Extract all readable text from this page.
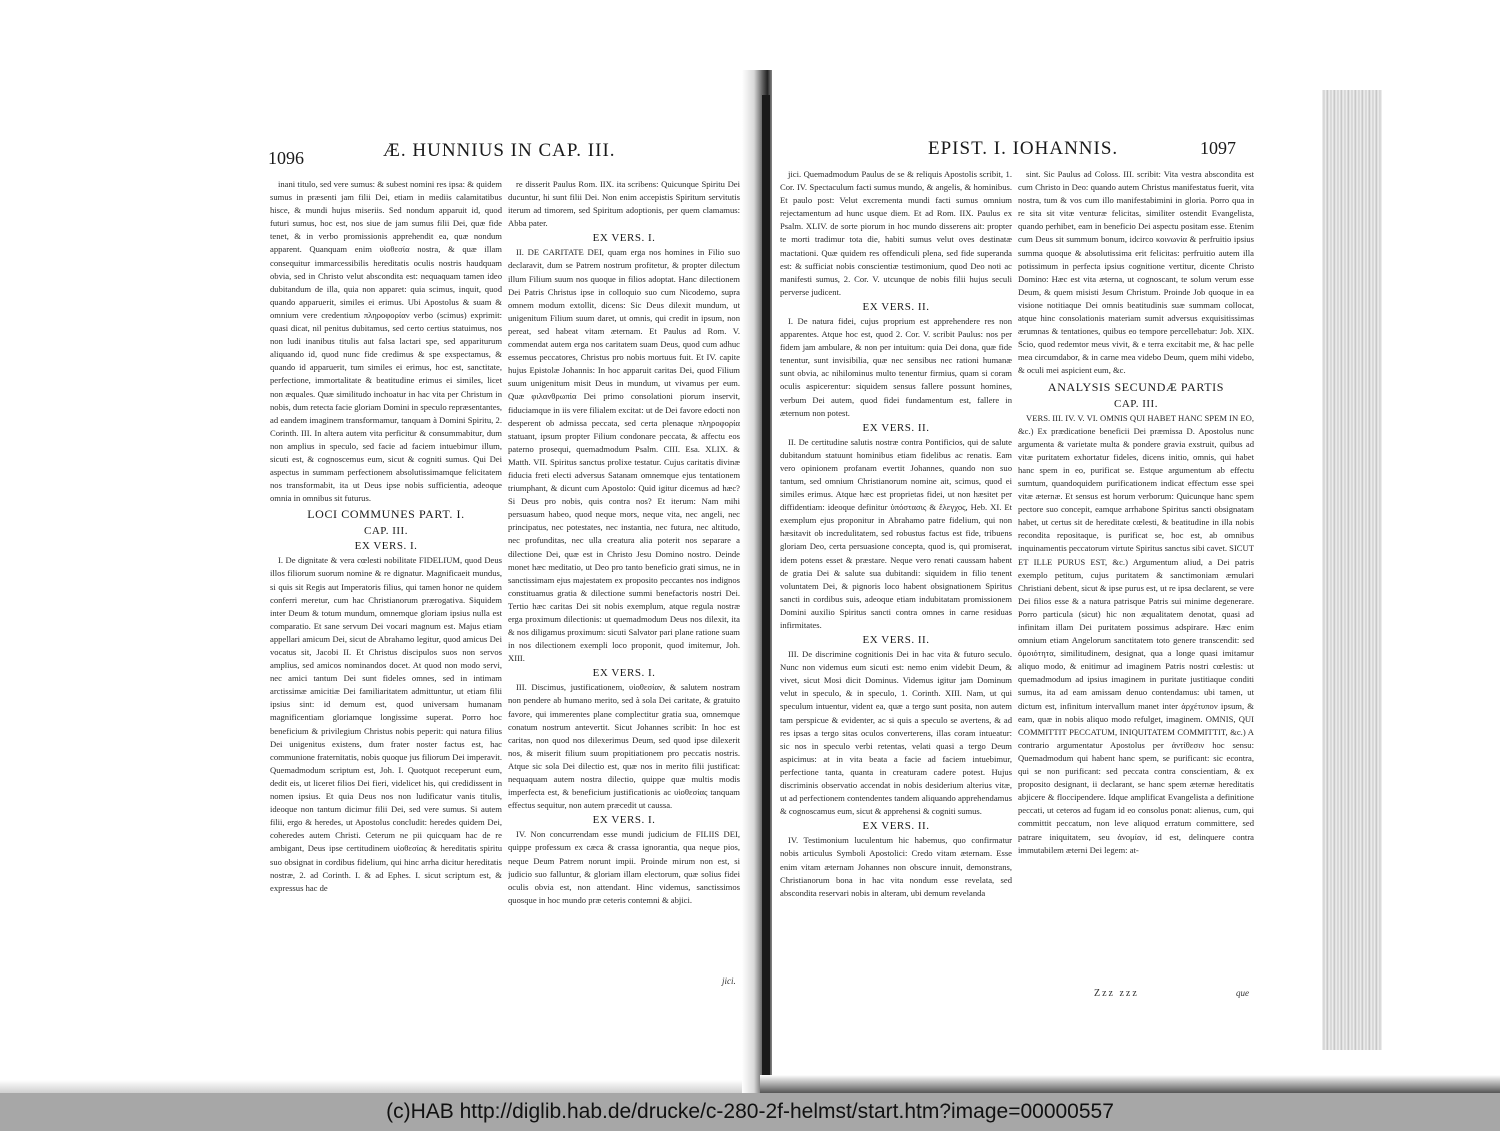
1096	Æ. HUNNIUS IN CAP. III.

inani titulo, sed vere sumus: & subest nomini res ipsa: & quidem sumus in præsenti jam filii Dei, etiam in mediis calamitatibus hisce, & mundi hujus miseriis. Sed nondum apparuit id, quod futuri sumus, hoc est, nos siue de jam sumus filii Dei, quæ fide tenet, & in verbo promissionis apprehendit ea, quæ nondum apparent. Quanquam enim υἱοθεσία nostra, & quæ illam consequitur immarcessibilis hereditatis oculis nostris haudquam obvia, sed in Christo velut abscondita est: nequaquam tamen ideo dubitandum de illa, quia non apparet: quia scimus, inquit, quod quando apparuerit, similes ei erimus. Ubi Apostolus & suam & omnium vere credentium πληροφορίαν verbo (scimus) exprimit: quasi dicat, nil penitus dubitamus, sed certo certius statuimus, nos non ludi inanibus titulis aut falsa lactari spe, sed appariturum aliquando id, quod nunc fide credimus & spe exspectamus, & quando id apparuerit, tum similes ei erimus, hoc est, sanctitate, perfectione, immortalitate & beatitudine erimus ei similes, licet non æquales. Quæ similitudo inchoatur in hac vita per Christum in nobis, dum retecta facie gloriam Domini in speculo repræsentantes, ad eandem imaginem transformamur, tanquam à Domini Spiritu, 2. Corinth. III. In altera autem vita perficitur & consummabitur, dum non amplius in speculo, sed facie ad faciem intuebimur illum, sicuti est, & cognoscemus eum, sicut & cogniti sumus. Qui Dei aspectus in summam perfectionem absolutissimamque felicitatem nos transformabit, ita ut Deus ipse nobis sufficientia, adeoque omnia in omnibus sit futurus.

LOCI COMMUNES PART. I.
CAP. III.
EX VERS. I.

I. De dignitate & vera cœlesti nobilitate FIDELIUM, quod Deus illos filiorum suorum nomine & re dignatur. Magnificaeit mundus, si quis sit Regis aut Imperatoris filius, qui tamen honor ne quidem conferri meretur, cum hac Christianorum prærogativa. Siquidem inter Deum & totum mundum, omnemque gloriam ipsius nulla est comparatio. Et sane servum Dei vocari magnum est. Majus etiam appellari amicum Dei, sicut de Abrahamo legitur, quod amicus Dei vocatus sit, Jacobi II. Et Christus discipulos suos non servos amplius, sed amicos nominandos docet. At quod non modo servi, nec amici tantum Dei sunt fideles omnes, sed in intimam arctissimæ amicitiæ Dei familiaritatem admittuntur, ut etiam filii ipsius sint: id demum est, quod universam humanam magnificentiam gloriamque longissime superat. Porro hoc beneficium & privilegium Christus nobis peperit: qui natura filius Dei unigenitus existens, dum frater noster factus est, hac communione fraternitatis, nobis quoque jus filiorum Dei imperavit. Quemadmodum scriptum est, Joh. I. Quotquot receperunt eum, dedit eis, ut liceret filios Dei fieri, videlicet his, qui credidissent in nomen ipsius. Et quia Deus nos non ludificatur vanis titulis, ideoque non tantum dicimur filii Dei, sed vere sumus. Si autem filii, ergo & heredes, ut Apostolus concludit: heredes quidem Dei, coheredes autem Christi. Ceterum ne pii quicquam hac de re ambigant, Deus ipse certitudinem υἱοθεσίας & hereditatis spiritu suo obsignat in cordibus fidelium, qui hinc arrha dicitur hereditatis nostræ, 2. ad Corinth. I. & ad Ephes. I. sicut scriptum est, & expressus hac de

re disserit Paulus Rom. IIX. ita scribens: Quicunque Spiritu Dei ducuntur, hi sunt filii Dei. Non enim accepistis Spiritum servitutis iterum ad timorem, sed Spiritum adoptionis, per quem clamamus: Abba pater.

EX VERS. I.

II. DE CARITATE DEI, quam erga nos homines in Filio suo declaravit, dum se Patrem nostrum profitetur, & propter dilectum illum Filium suum nos quoque in filios adoptat. Hanc dilectionem Dei Patris Christus ipse in colloquio suo cum Nicodemo, supra omnem modum extollit, dicens: Sic Deus dilexit mundum, ut unigenitum Filium suum daret, ut omnis, qui credit in ipsum, non pereat, sed habeat vitam æternam. Et Paulus ad Rom. V. commendat autem erga nos caritatem suam Deus, quod cum adhuc essemus peccatores, Christus pro nobis mortuus fuit. Et IV. capite hujus Epistolæ Johannis: In hoc apparuit caritas Dei, quod Filium suum unigenitum misit Deus in mundum, ut vivamus per eum. Quæ φιλανθρωπία Dei primo consolationi piorum inservit, fiduciamque in iis vere filialem excitat: ut de Dei favore edocti non desperent ob admissa peccata, sed certa plenaque πληροφορία statuant, ipsum propter Filium condonare peccata, & affectu eos paterno prosequi, quemadmodum Psalm. CIII. Esa. XLIX. & Matth. VII. Spiritus sanctus prolixe testatur. Cujus caritatis divinæ fiducia freti electi adversus Satanam omnemque ejus tentationem triumphant, & dicunt cum Apostolo: Quid igitur dicemus ad hæc? Si Deus pro nobis, quis contra nos? Et iterum: Nam mihi persuasum habeo, quod neque mors, neque vita, nec angeli, nec principatus, nec potestates, nec instantia, nec futura, nec altitudo, nec profunditas, nec ulla creatura alia poterit nos separare a dilectione Dei, quæ est in Christo Jesu Domino nostro. Deinde monet hæc meditatio, ut Deo pro tanto beneficio grati simus, ne in sanctissimam ejus majestatem ex proposito peccantes nos indignos constituamus gratia & dilectione summi benefactoris nostri Dei. Tertio hæc caritas Dei sit nobis exemplum, atque regula nostræ erga proximum dilectionis: ut quemadmodum Deus nos dilexit, ita & nos diligamus proximum: sicuti Salvator pari plane ratione suam in nos dilectionem exempli loco proponit, quod imitemur, Joh. XIII.

EX VERS. I.

III. Discimus, justificationem, υἱοθεσίαν, & salutem nostram non pendere ab humano merito, sed à sola Dei caritate, & gratuito favore, qui immerentes plane complectitur gratia sua, omnemque conatum nostrum antevertit. Sicut Johannes scribit: In hoc est caritas, non quod nos dilexerimus Deum, sed quod ipse dilexerit nos, & miserit filium suum propitiationem pro peccatis nostris. Atque sic sola Dei dilectio est, quæ nos in merito filii justificat: nequaquam autem nostra dilectio, quippe quæ multis modis imperfecta est, & beneficium justificationis ac υἱοθεσίας tanquam effectus sequitur, non autem præcedit ut caussa.

EX VERS. I.

IV. Non concurrendam esse mundi judicium de FILIIS DEI, quippe professum ex cæca & crassa ignorantia, qua neque pios, neque Deum Patrem norunt impii. Proinde mirum non est, si judicio suo falluntur, & gloriam illam electorum, quæ solius fidei oculis obvia est, non attendant. Hinc videmus, sanctissimos quosque in hoc mundo præ ceteris contemni & abjici.

jici.
EPIST. I. IOHANNIS.	1097

jici. Quemadmodum Paulus de se & reliquis Apostolis scribit, 1. Cor. IV. Spectaculum facti sumus mundo, & angelis, & hominibus. Et paulo post: Velut excrementa mundi facti sumus omnium rejectamentum ad hunc usque diem. Et ad Rom. IIX. Paulus ex Psalm. XLIV. de sorte piorum in hoc mundo disserens ait: propter te morti tradimur tota die, habiti sumus velut oves destinatæ mactationi. Quæ quidem res offendiculi plena, sed fide superanda est: & sufficiat nobis conscientiæ testimonium, quod Deo noti ac manifesti sumus, 2. Cor. V. utcunque de nobis filii hujus seculi perverse judicent.

EX VERS. II.

I. De natura fidei, cujus proprium est apprehendere res non apparentes. Atque hoc est, quod 2. Cor. V. scribit Paulus: nos per fidem jam ambulare, & non per intuitum: quia Dei dona, quæ fide tenentur, sunt invisibilia, quæ nec sensibus nec rationi humanæ sunt obvia, ac nihilominus multo tenentur firmius, quam si coram oculis aspicerentur: siquidem sensus fallere possunt homines, verbum Dei autem, quod fidei fundamentum est, fallere in æternum non potest.

EX VERS. II.

II. De certitudine salutis nostræ contra Pontificios, qui de salute dubitandum statuunt hominibus etiam fidelibus ac renatis. Eam vero opinionem profanam evertit Johannes, quando non suo tantum, sed omnium Christianorum nomine ait, scimus, quod ei similes erimus. Atque hæc est proprietas fidei, ut non hæsitet per diffidentiam: ideoque definitur ὑπόστασις & ἔλεγχος, Heb. XI. Et exemplum ejus proponitur in Abrahamo patre fidelium, qui non hæsitavit ob incredulitatem, sed robustus factus est fide, tribuens gloriam Deo, certa persuasione concepta, quod is, qui promiserat, idem potens esset & præstare. Neque vero renati caussam habent de gratia Dei & salute sua dubitandi: siquidem in filio tenent voluntatem Dei, & pignoris loco habent obsignationem Spiritus sancti in cordibus suis, adeoque etiam indubitatam promissionem Domini auxilio Spiritus sancti contra omnes in carne residuas infirmitates.

EX VERS. II.

III. De discrimine cognitionis Dei in hac vita & futuro seculo. Nunc non videmus eum sicuti est: nemo enim videbit Deum, & vivet, sicut Mosi dicit Dominus. Videmus igitur jam Dominum velut in speculo, & in speculo, 1. Corinth. XIII. Nam, ut qui speculum intuentur, vident ea, quæ a tergo sunt posita, non autem tam perspicue & evidenter, ac si quis a speculo se avertens, & ad res ipsas a tergo sitas oculos converterens, illas coram intueatur: sic nos in speculo verbi retentas, velati quasi a tergo Deum aspicimus: at in vita beata a facie ad faciem intuebimur, perfectione tanta, quanta in creaturam cadere potest. Hujus discriminis observatio accendat in nobis desiderium alterius vitæ, ut ad perfectionem contendentes tandem aliquando apprehendamus & cognoscamus eum, sicut & apprehensi & cogniti sumus.

EX VERS. II.

IV. Testimonium luculentum hic habemus, quo confirmatur nobis articulus Symboli Apostolici: Credo vitam æternam. Esse enim vitam æternam Johannes non obscure innuit, demonstrans, Christianorum bona in hac vita nondum esse revelata, sed abscondita reservari nobis in alteram, ubi demum revelanda

sint. Sic Paulus ad Coloss. III. scribit: Vita vestra abscondita est cum Christo in Deo: quando autem Christus manifestatus fuerit, vita nostra, tum & vos cum illo manifestabimini in gloria. Porro qua in re sita sit vitæ venturæ felicitas, similiter ostendit Evangelista, quando perhibet, eam in beneficio Dei aspectu positam esse. Etenim cum Deus sit summum bonum, idcirco κοινωνία & perfruitio ipsius summa quoque & absolutissima erit felicitas: perfruitio autem illa potissimum in perfecta ipsius cognitione vertitur, dicente Christo Domino: Hæc est vita æterna, ut cognoscant, te solum verum esse Deum, & quem misisti Jesum Christum. Proinde Job quoque in ea visione notitiaque Dei omnis beatitudinis suæ summam collocat, atque hinc consolationis materiam sumit adversus exquisitissimas ærumnas & tentationes, quibus eo tempore percellebatur: Job. XIX. Scio, quod redemtor meus vivit, & e terra excitabit me, & hac pelle mea circumdabor, & in carne mea videbo Deum, quem mihi videbo, & oculi mei aspicient eum, &c.

ANALYSIS SECUNDÆ PARTIS
CAP. III.

VERS. III. IV. V. VI. OMNIS QUI HABET HANC SPEM IN EO, &c.) Ex prædicatione beneficii Dei præmissa D. Apostolus nunc argumenta & varietate multa & pondere gravia exstruit, quibus ad vitæ puritatem exhortatur fideles, dicens initio, omnis, qui habet hanc spem in eo, purificat se. Estque argumentum ab effectu sumtum, quandoquidem purificationem indicat effectum esse spei vitæ æternæ. Et sensus est horum verborum: Quicunque hanc spem pectore suo concepit, eamque arrhabone Spiritus sancti obsignatam habet, ut certus sit de hereditate cœlesti, & beatitudine in illa nobis recondita repositaque, is purificat se, hoc est, ab omnibus inquinamentis peccatorum virtute Spiritus sanctus sibi cavet. SICUT ET ILLE PURUS EST, &c.) Argumentum aliud, a Dei patris exemplo petitum, cujus puritatem & sanctimoniam æmulari Christiani debent, sicut & ipse purus est, ut re ipsa declarent, se vere Dei filios esse & a natura patrisque Patris sui minime degenerare. Porro particula (sicut) hic non æqualitatem denotat, quasi ad infinitam illam Dei puritatem possimus adspirare. Hæc enim omnium etiam Angelorum sanctitatem toto genere transcendit: sed ὁμοιότητα, similitudinem, designat, qua a longe quasi imitamur aliquo modo, & enitimur ad imaginem Patris nostri cœlestis: ut quemadmodum ad ipsius imaginem in puritate justitiaque conditi sumus, ita ad eam amissam denuo contendamus: ubi tamen, ut dictum est, infinitum intervallum manet inter ἀρχέτυπον ipsum, & eam, quæ in nobis aliquo modo refulget, imaginem. OMNIS, QUI COMMITTIT PECCATUM, INIQUITATEM COMMITTIT, &c.) A contrario argumentatur Apostolus per ἀντίθεσιν hoc sensu: Quemadmodum qui habent hanc spem, se purificant: sic econtra, qui se non purificant: sed peccata contra conscientiam, & ex proposito designant, ii declarant, se hanc spem æternæ hereditatis abjicere & floccipendere. Idque amplificat Evangelista a definitione peccati, ut ceteros ad fugam id eo consolus ponat: alienus, cum, qui committit peccatum, non leve aliquod erratum committere, sed patrare iniquitatem, seu ἀνομίαν, id est, delinquere contra immutabilem æterni Dei legem: at-

Zzz zzz	que
(c)HAB http://diglib.hab.de/drucke/c-280-2f-helmst/start.htm?image=00000557
